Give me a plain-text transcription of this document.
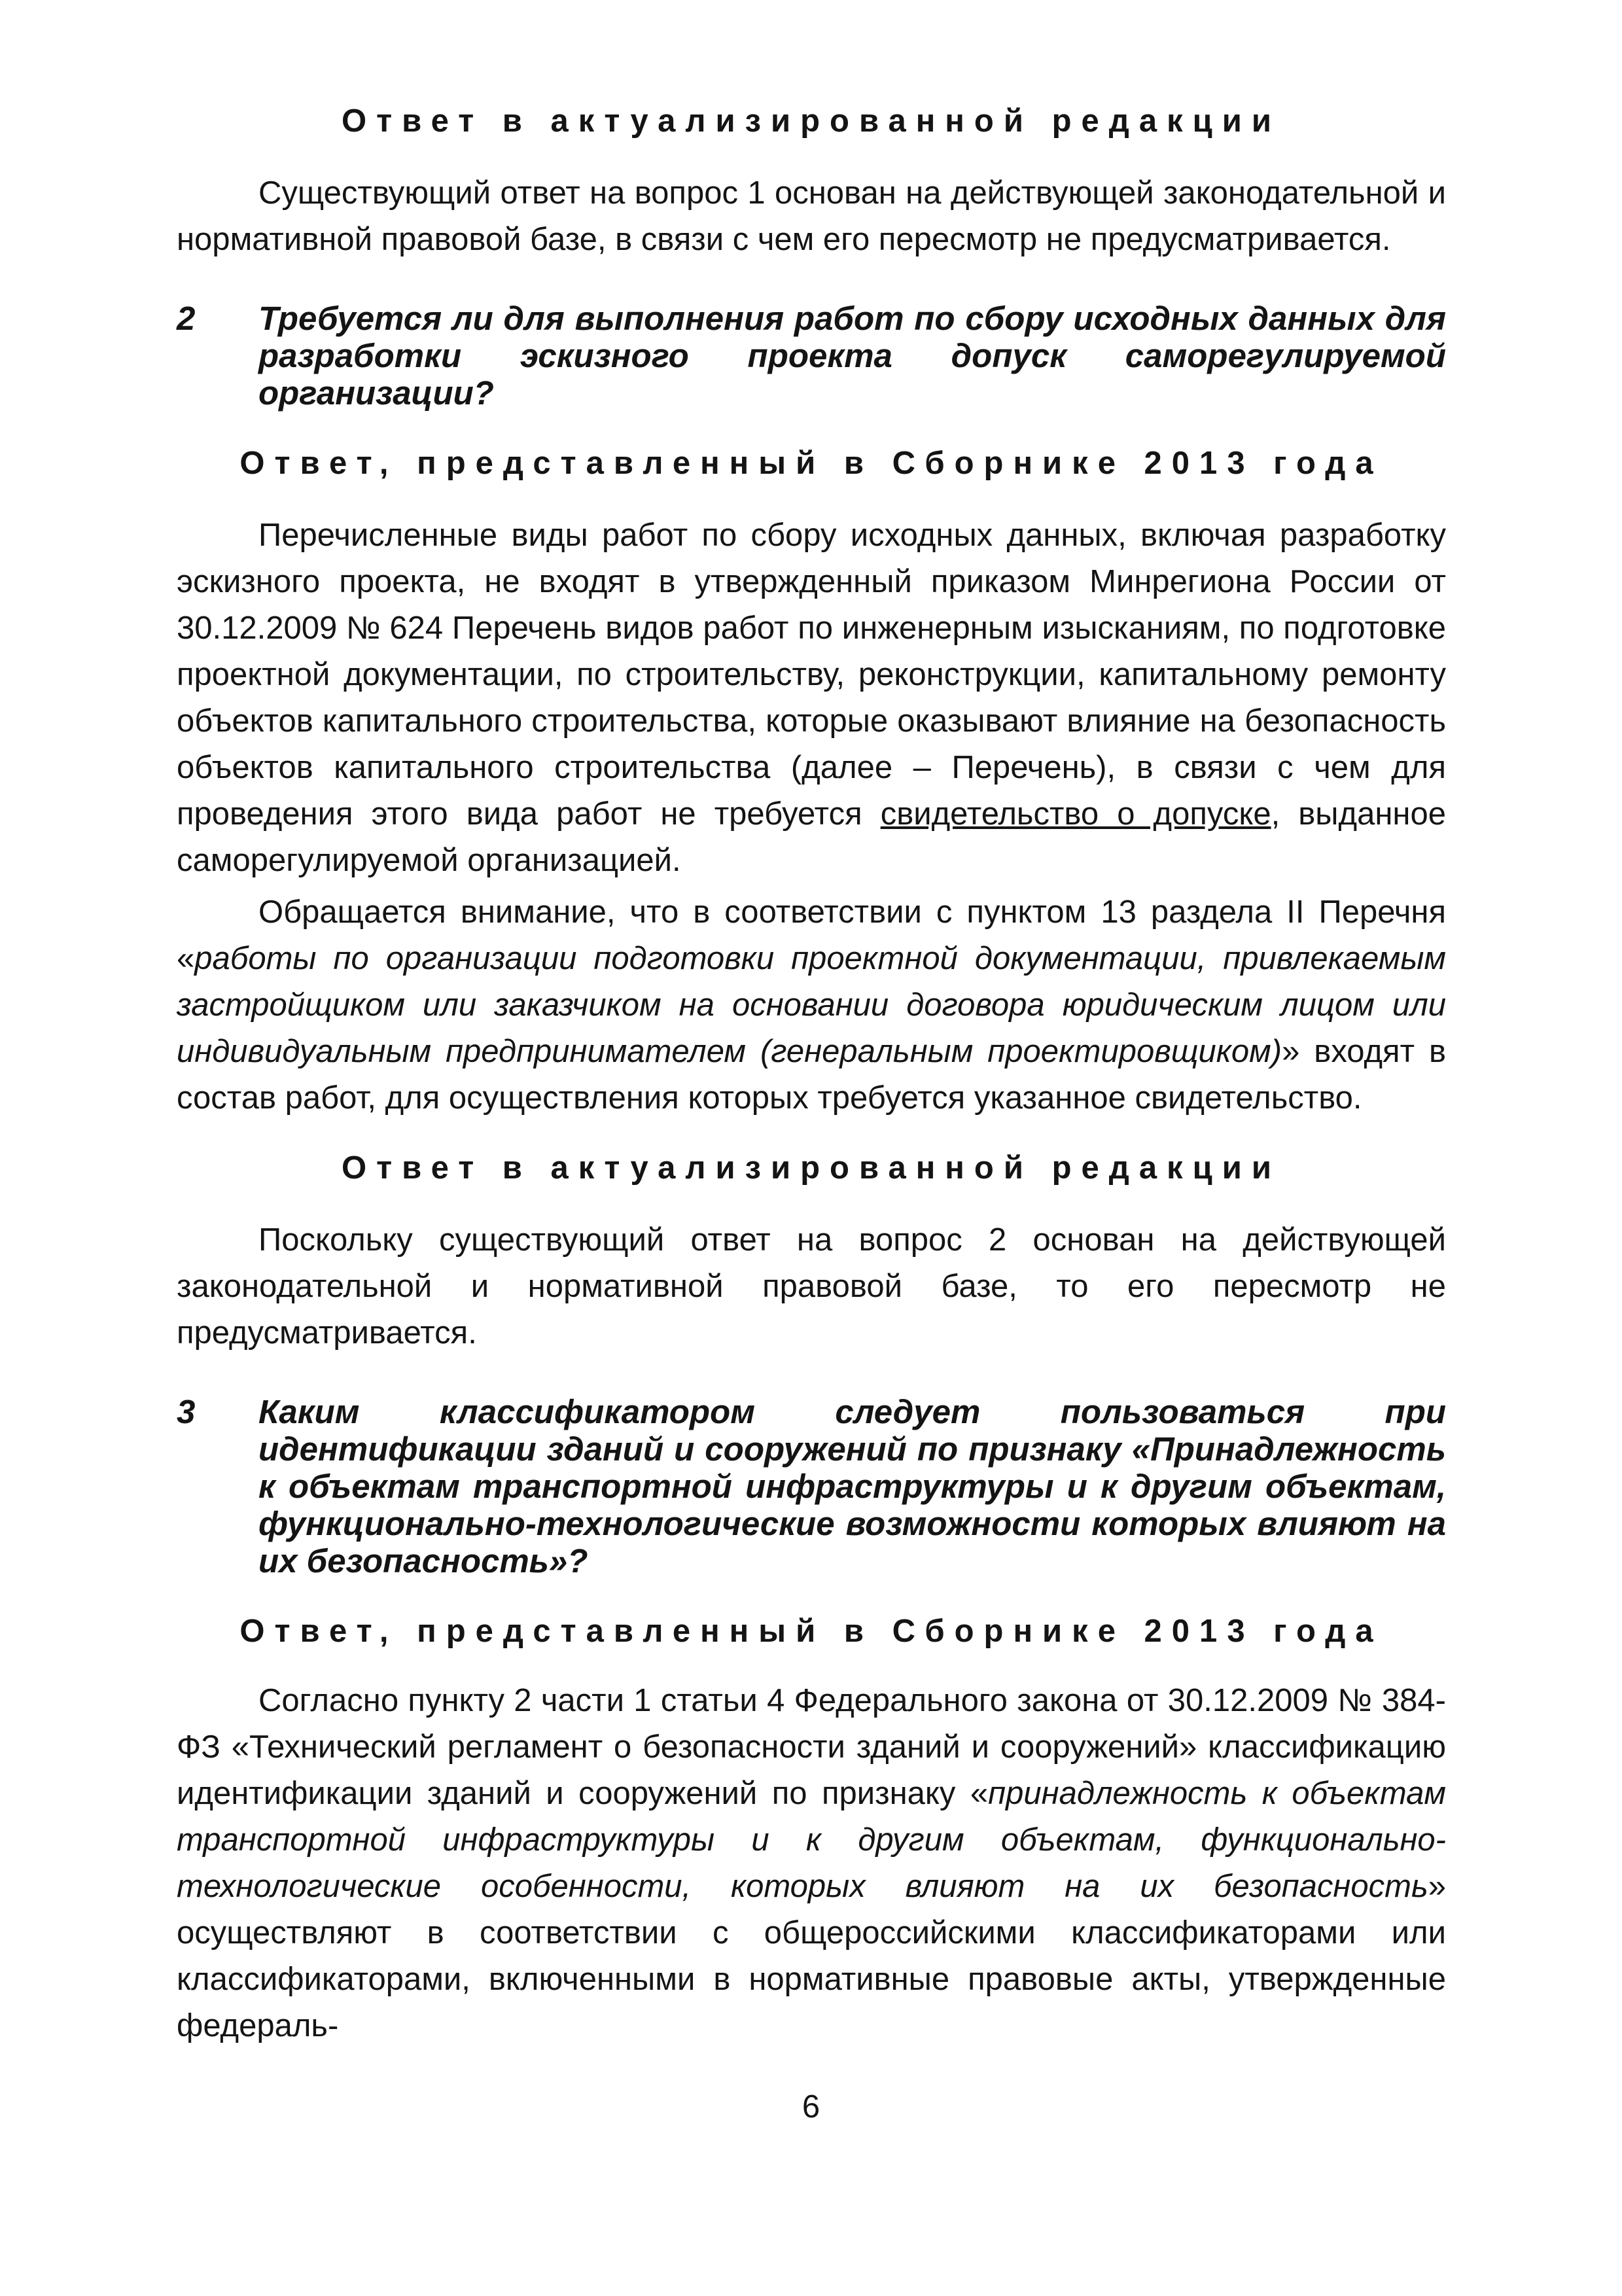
Ответ в актуализированной редакции

Существующий ответ на вопрос 1 основан на действующей законодательной и нормативной правовой базе, в связи с чем его пересмотр не предусматривается.

2	Требуется ли для выполнения работ по сбору исходных данных для разработки эскизного проекта допуск саморегулируемой организации?
Ответ, представленный в Сборнике 2013 года

Перечисленные виды работ по сбору исходных данных, включая разработку эскизного проекта, не входят в утвержденный приказом Минрегиона России от 30.12.2009 № 624 Перечень видов работ по инженерным изысканиям, по подготовке проектной документации, по строительству, реконструкции, капитальному ремонту объектов капитального строительства, которые оказывают влияние на безопасность объектов капитального строительства (далее – Перечень), в связи с чем для проведения этого вида работ не требуется свидетельство о допуске, выданное саморегулируемой организацией.

Обращается внимание, что в соответствии с пунктом 13 раздела II Перечня «работы по организации подготовки проектной документации, привлекаемым застройщиком или заказчиком на основании договора юридическим лицом или индивидуальным предпринимателем (генеральным проектировщиком)» входят в состав работ, для осуществления которых требуется указанное свидетельство.

Ответ в актуализированной редакции

Поскольку существующий ответ на вопрос 2 основан на действующей законодательной и нормативной правовой базе, то его пересмотр не предусматривается.

3	Каким классификатором следует пользоваться при идентификации зданий и сооружений по признаку «Принадлежность к объектам транспортной инфраструктуры и к другим объектам, функционально-технологические возможности которых влияют на их безопасность»?
Ответ, представленный в Сборнике 2013 года

Согласно пункту 2 части 1 статьи 4 Федерального закона от 30.12.2009 № 384-ФЗ «Технический регламент о безопасности зданий и сооружений» классификацию идентификации зданий и сооружений по признаку «принадлежность к объектам транспортной инфраструктуры и к другим объектам, функционально-технологические особенности, которых влияют на их безопасность» осуществляют в соответствии с общероссийскими классификаторами или классификаторами, включенными в нормативные правовые акты, утвержденные федераль-

6
